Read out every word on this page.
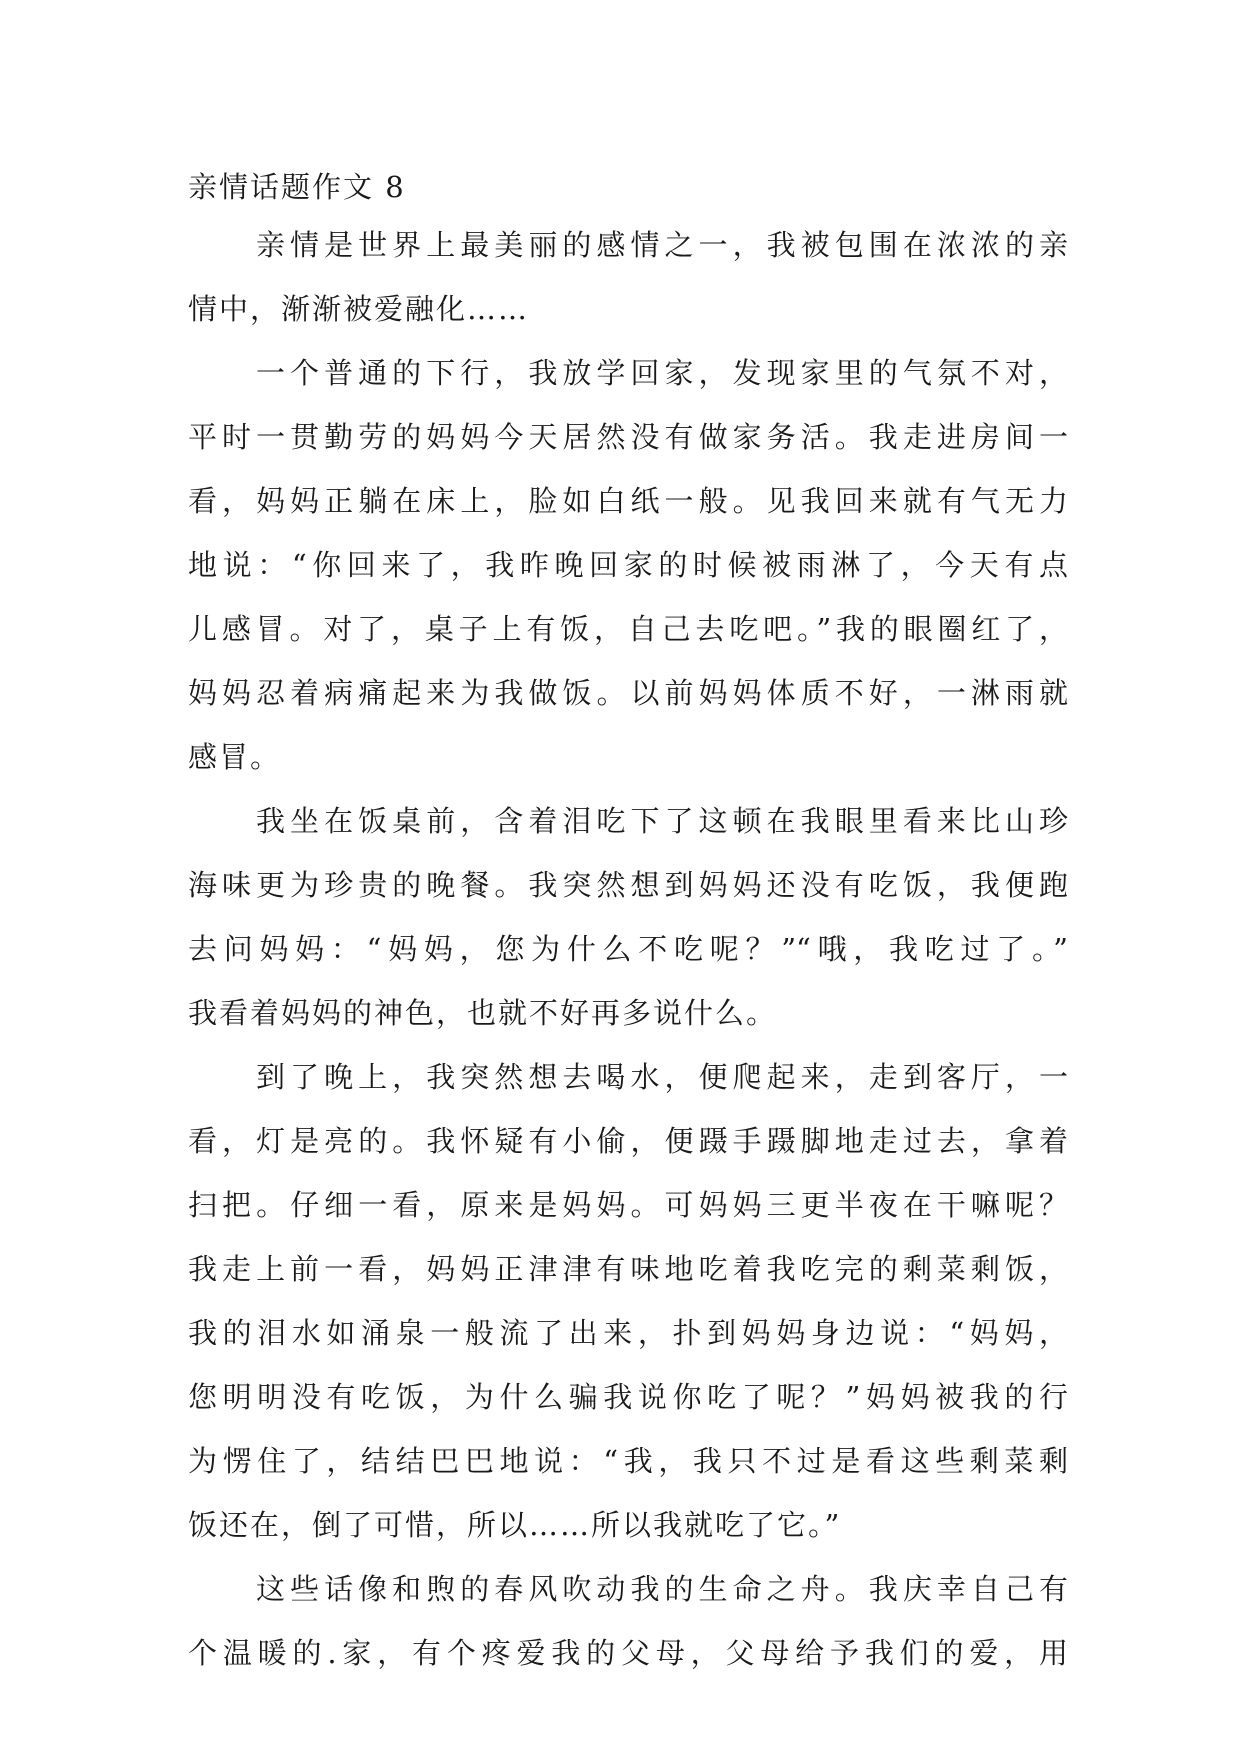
亲情话题作文 8
亲情是世界上最美丽的感情之一，我被包围在浓浓的亲
情中，渐渐被爱融化……
一个普通的下行，我放学回家，发现家里的气氛不对，
平时一贯勤劳的妈妈今天居然没有做家务活。我走进房间一
看，妈妈正躺在床上，脸如白纸一般。见我回来就有气无力
地说：“你回来了，我昨晚回家的时候被雨淋了，今天有点
儿感冒。对了，桌子上有饭，自己去吃吧。”我的眼圈红了，
妈妈忍着病痛起来为我做饭。以前妈妈体质不好，一淋雨就
感冒。
我坐在饭桌前，含着泪吃下了这顿在我眼里看来比山珍
海味更为珍贵的晚餐。我突然想到妈妈还没有吃饭，我便跑
去问妈妈：“妈妈，您为什么不吃呢？”“哦，我吃过了。”
我看着妈妈的神色，也就不好再多说什么。
到了晚上，我突然想去喝水，便爬起来，走到客厅，一
看，灯是亮的。我怀疑有小偷，便蹑手蹑脚地走过去，拿着
扫把。仔细一看，原来是妈妈。可妈妈三更半夜在干嘛呢？
我走上前一看，妈妈正津津有味地吃着我吃完的剩菜剩饭，
我的泪水如涌泉一般流了出来，扑到妈妈身边说：“妈妈，
您明明没有吃饭，为什么骗我说你吃了呢？”妈妈被我的行
为愣住了，结结巴巴地说：“我，我只不过是看这些剩菜剩
饭还在，倒了可惜，所以……所以我就吃了它。”
这些话像和煦的春风吹动我的生命之舟。我庆幸自己有
个温暖的.家，有个疼爱我的父母，父母给予我们的爱，用
